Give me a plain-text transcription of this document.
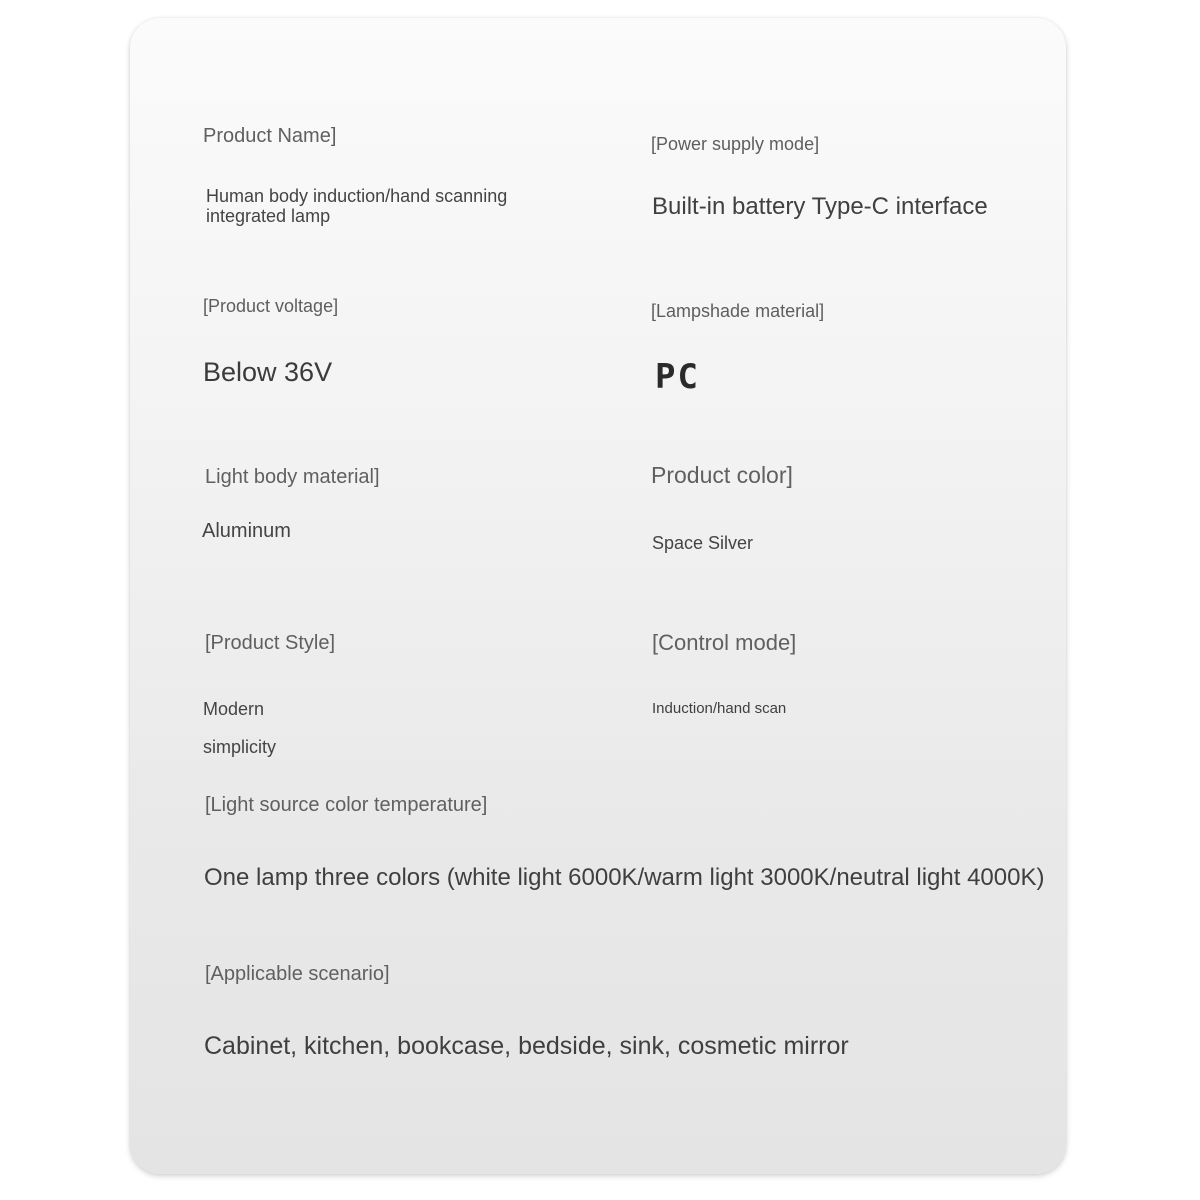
Product Name]

Human body induction/hand scanning integrated lamp

[Power supply mode]

Built-in battery Type-C interface

[Product voltage]

Below 36V

[Lampshade material]

PC

Light body material]

Aluminum

Product color]

Space Silver

[Product Style]

Modern

simplicity

[Control mode]

Induction/hand scan

[Light source color temperature]

One lamp three colors (white light 6000K/warm light 3000K/neutral light 4000K)

[Applicable scenario]

Cabinet, kitchen, bookcase, bedside, sink, cosmetic mirror
